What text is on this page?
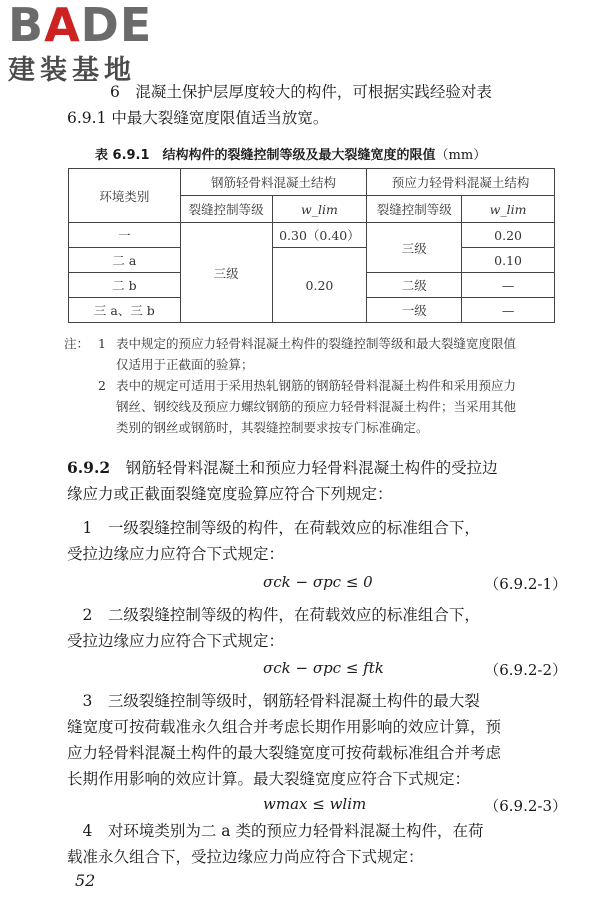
BADE
建装基地
6　混凝土保护层厚度较大的构件，可根据实践经验对表
6.9.1 中最大裂缝宽度限值适当放宽。
表 6.9.1　结构构件的裂缝控制等级及最大裂缝宽度的限值（mm）
环境类别	钢筋轻骨料混凝土结构		预应力轻骨料混凝土结构	
	裂缝控制等级	w_lim	裂缝控制等级	w_lim
一	三级	0.30（0.40）	三级	0.20
二 a		0.20		0.10
二 b			二级	—
三 a、三 b			一级	—
注： 1 表中规定的预应力轻骨料混凝土构件的裂缝控制等级和最大裂缝宽度限值
仅适用于正截面的验算；
2 表中的规定可适用于采用热轧钢筋的钢筋轻骨料混凝土构件和采用预应力
钢丝、钢绞线及预应力螺纹钢筋的预应力轻骨料混凝土构件；当采用其他
类别的钢丝或钢筋时，其裂缝控制要求按专门标准确定。
6.9.2　钢筋轻骨料混凝土和预应力轻骨料混凝土构件的受拉边
缘应力或正截面裂缝宽度验算应符合下列规定：
　1　一级裂缝控制等级的构件，在荷载效应的标准组合下，
受拉边缘应力应符合下式规定：
σck − σpc ≤ 0	（6.9.2-1）
　2　二级裂缝控制等级的构件，在荷载效应的标准组合下，
受拉边缘应力应符合下式规定：
σck − σpc ≤ ftk	（6.9.2-2）
　3　三级裂缝控制等级时，钢筋轻骨料混凝土构件的最大裂
缝宽度可按荷载准永久组合并考虑长期作用影响的效应计算，预
应力轻骨料混凝土构件的最大裂缝宽度可按荷载标准组合并考虑
长期作用影响的效应计算。最大裂缝宽度应符合下式规定：
wmax ≤ wlim	（6.9.2-3）
　4　对环境类别为二 a 类的预应力轻骨料混凝土构件，在荷
载准永久组合下，受拉边缘应力尚应符合下式规定：
52
